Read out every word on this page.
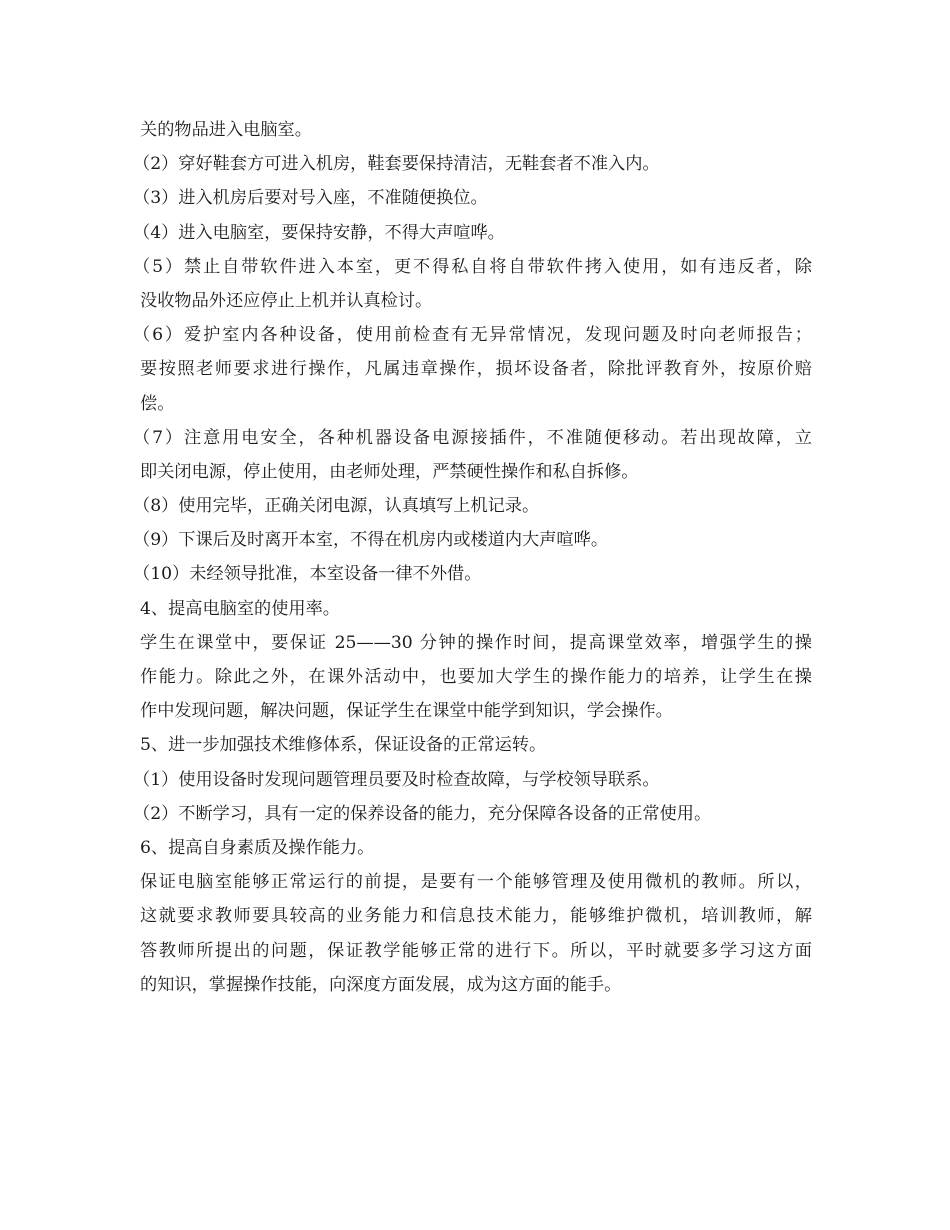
关的物品进入电脑室。
（2）穿好鞋套方可进入机房，鞋套要保持清洁，无鞋套者不准入内。
（3）进入机房后要对号入座，不准随便换位。
（4）进入电脑室，要保持安静，不得大声喧哗。
（5）禁止自带软件进入本室，更不得私自将自带软件拷入使用，如有违反者，除
没收物品外还应停止上机并认真检讨。
（6）爱护室内各种设备，使用前检查有无异常情况，发现问题及时向老师报告；
要按照老师要求进行操作，凡属违章操作，损坏设备者，除批评教育外，按原价赔
偿。
（7）注意用电安全，各种机器设备电源接插件，不准随便移动。若出现故障，立
即关闭电源，停止使用，由老师处理，严禁硬性操作和私自拆修。
（8）使用完毕，正确关闭电源，认真填写上机记录。
（9）下课后及时离开本室，不得在机房内或楼道内大声喧哗。
（10）未经领导批准，本室设备一律不外借。
4、提高电脑室的使用率。
学生在课堂中，要保证 25——30 分钟的操作时间，提高课堂效率，增强学生的操
作能力。除此之外，在课外活动中，也要加大学生的操作能力的培养，让学生在操
作中发现问题，解决问题，保证学生在课堂中能学到知识，学会操作。
5、进一步加强技术维修体系，保证设备的正常运转。
（1）使用设备时发现问题管理员要及时检查故障，与学校领导联系。
（2）不断学习，具有一定的保养设备的能力，充分保障各设备的正常使用。
6、提高自身素质及操作能力。
保证电脑室能够正常运行的前提，是要有一个能够管理及使用微机的教师。所以，
这就要求教师要具较高的业务能力和信息技术能力，能够维护微机，培训教师，解
答教师所提出的问题，保证教学能够正常的进行下。所以，平时就要多学习这方面
的知识，掌握操作技能，向深度方面发展，成为这方面的能手。
